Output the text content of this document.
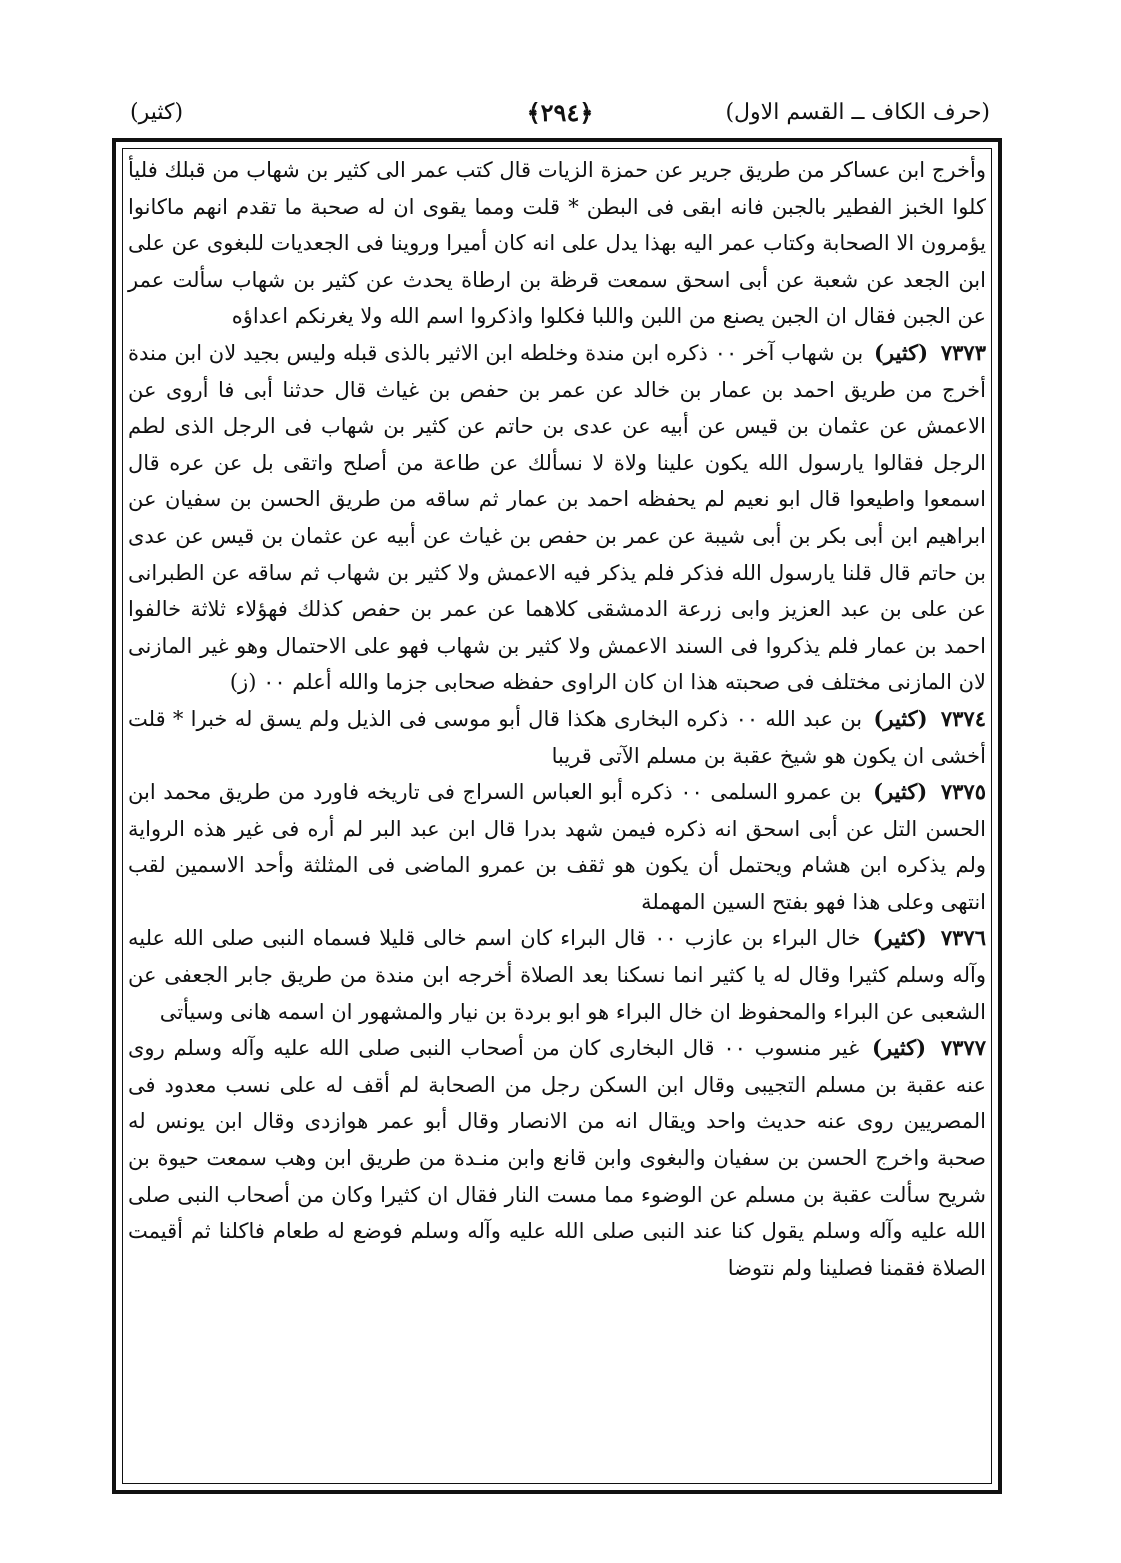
(حرف الكاف ــ القسم الاول)
﴿٢٩٤﴾
(كثير)

وأخرج ابن عساكر من طريق جرير عن حمزة الزيات قال كتب عمر الى كثير بن شهاب من قبلك فليأ كلوا الخبز الفطير بالجبن فانه ابقى فى البطن * قلت ومما يقوى ان له صحبة ما تقدم انهم ماكانوا يؤمرون الا الصحابة وكتاب عمر اليه بهذا يدل على انه كان أميرا وروينا فى الجعديات للبغوى عن على ابن الجعد عن شعبة عن أبى اسحق سمعت قرظة بن ارطاة يحدث عن كثير بن شهاب سألت عمر عن الجبن فقال ان الجبن يصنع من اللبن واللبا فكلوا واذكروا اسم الله ولا يغرنكم اعداؤه

٧٣٧٣ (كثير) بن شهاب آخر ٠٠ ذكره ابن مندة وخلطه ابن الاثير بالذى قبله وليس بجيد لان ابن مندة أخرج من طريق احمد بن عمار بن خالد عن عمر بن حفص بن غياث قال حدثنا أبى فا أروى عن الاعمش عن عثمان بن قيس عن أبيه عن عدى بن حاتم عن كثير بن شهاب فى الرجل الذى لطم الرجل فقالوا يارسول الله يكون علينا ولاة لا نسألك عن طاعة من أصلح واتقى بل عن عره قال اسمعوا واطيعوا قال ابو نعيم لم يحفظه احمد بن عمار ثم ساقه من طريق الحسن بن سفيان عن ابراهيم ابن أبى بكر بن أبى شيبة عن عمر بن حفص بن غياث عن أبيه عن عثمان بن قيس عن عدى بن حاتم قال قلنا يارسول الله فذكر فلم يذكر فيه الاعمش ولا كثير بن شهاب ثم ساقه عن الطبرانى عن على بن عبد العزيز وابى زرعة الدمشقى كلاهما عن عمر بن حفص كذلك فهؤلاء ثلاثة خالفوا احمد بن عمار فلم يذكروا فى السند الاعمش ولا كثير بن شهاب فهو على الاحتمال وهو غير المازنى لان المازنى مختلف فى صحبته هذا ان كان الراوى حفظه صحابى جزما والله أعلم ٠٠ (ز)

٧٣٧٤ (كثير) بن عبد الله ٠٠ ذكره البخارى هكذا قال أبو موسى فى الذيل ولم يسق له خبرا * قلت أخشى ان يكون هو شيخ عقبة بن مسلم الآتى قريبا

٧٣٧٥ (كثير) بن عمرو السلمى ٠٠ ذكره أبو العباس السراج فى تاريخه فاورد من طريق محمد ابن الحسن التل عن أبى اسحق انه ذكره فيمن شهد بدرا قال ابن عبد البر لم أره فى غير هذه الرواية ولم يذكره ابن هشام ويحتمل أن يكون هو ثقف بن عمرو الماضى فى المثلثة وأحد الاسمين لقب انتهى وعلى هذا فهو بفتح السين المهملة

٧٣٧٦ (كثير) خال البراء بن عازب ٠٠ قال البراء كان اسم خالى قليلا فسماه النبى صلى الله عليه وآله وسلم كثيرا وقال له يا كثير انما نسكنا بعد الصلاة أخرجه ابن مندة من طريق جابر الجعفى عن الشعبى عن البراء والمحفوظ ان خال البراء هو ابو بردة بن نيار والمشهور ان اسمه هانى وسيأتى

٧٣٧٧ (كثير) غير منسوب ٠٠ قال البخارى كان من أصحاب النبى صلى الله عليه وآله وسلم روى عنه عقبة بن مسلم التجيبى وقال ابن السكن رجل من الصحابة لم أقف له على نسب معدود فى المصريين روى عنه حديث واحد ويقال انه من الانصار وقال أبو عمر هوازدى وقال ابن يونس له صحبة واخرج الحسن بن سفيان والبغوى وابن قانع وابن منـدة من طريق ابن وهب سمعت حيوة بن شريح سألت عقبة بن مسلم عن الوضوء مما مست النار فقال ان كثيرا وكان من أصحاب النبى صلى الله عليه وآله وسلم يقول كنا عند النبى صلى الله عليه وآله وسلم فوضع له طعام فاكلنا ثم أقيمت الصلاة فقمنا فصلينا ولم نتوضا
